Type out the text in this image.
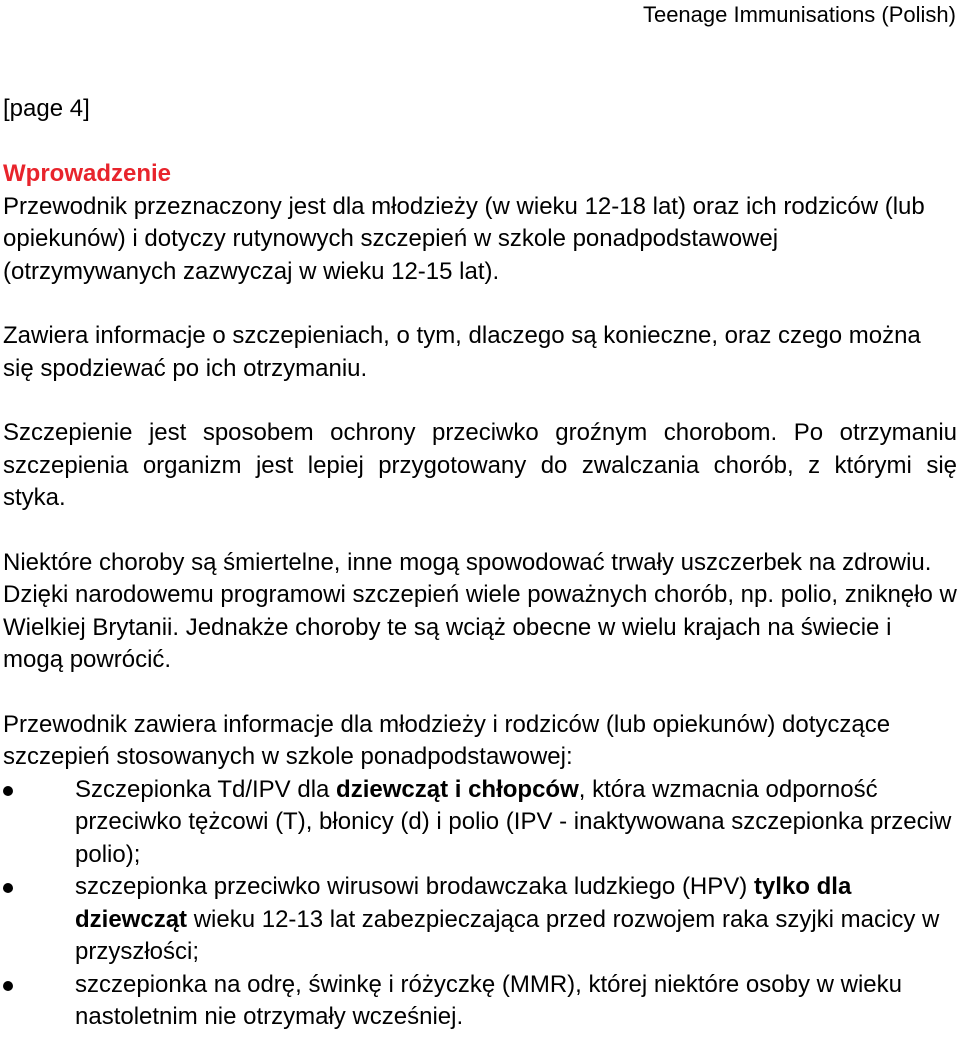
Teenage Immunisations (Polish)
[page 4]
Wprowadzenie

Przewodnik przeznaczony jest dla młodzieży (w wieku 12-18 lat) oraz ich rodziców (lub opiekunów) i dotyczy rutynowych szczepień w szkole ponadpodstawowej (otrzymywanych zazwyczaj w wieku 12-15 lat).

Zawiera informacje o szczepieniach, o tym, dlaczego są konieczne, oraz czego można się spodziewać po ich otrzymaniu.

Szczepienie jest sposobem ochrony przeciwko groźnym chorobom. Po otrzymaniu szczepienia organizm jest lepiej przygotowany do zwalczania chorób, z którymi się styka.

Niektóre choroby są śmiertelne, inne mogą spowodować trwały uszczerbek na zdrowiu. Dzięki narodowemu programowi szczepień wiele poważnych chorób, np. polio, zniknęło w Wielkiej Brytanii. Jednakże choroby te są wciąż obecne w wielu krajach na świecie i mogą powrócić.

Przewodnik zawiera informacje dla młodzieży i rodziców (lub opiekunów) dotyczące szczepień stosowanych w szkole ponadpodstawowej:

Szczepionka Td/IPV dla dziewcząt i chłopców, która wzmacnia odporność przeciwko tężcowi (T), błonicy (d) i polio (IPV - inaktywowana szczepionka przeciw polio);
szczepionka przeciwko wirusowi brodawczaka ludzkiego (HPV) tylko dla dziewcząt wieku 12-13 lat zabezpieczająca przed rozwojem raka szyjki macicy w przyszłości;
szczepionka na odrę, świnkę i różyczkę (MMR), której niektóre osoby w wieku nastoletnim nie otrzymały wcześniej.
